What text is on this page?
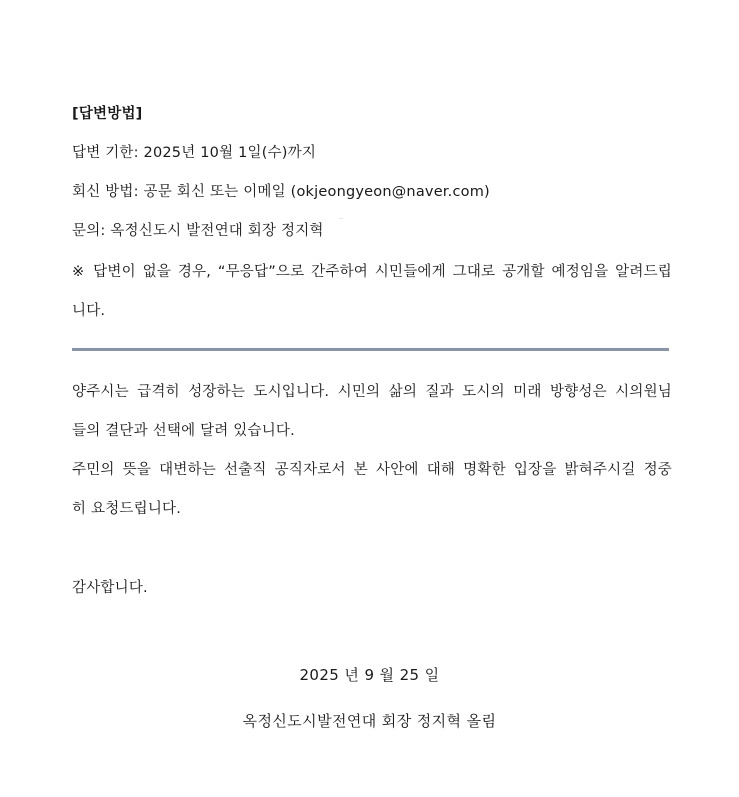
[답변방법]
답변 기한: 2025년 10월 1일(수)까지
회신 방법: 공문 회신 또는 이메일 (okjeongyeon@naver.com)
문의: 옥정신도시 발전연대 회장 정지혁
‥
※ 답변이 없을 경우, “무응답”으로 간주하여 시민들에게 그대로 공개할 예정임을 알려드립
니다.
양주시는 급격히 성장하는 도시입니다. 시민의 삶의 질과 도시의 미래 방향성은 시의원님
들의 결단과 선택에 달려 있습니다.
주민의 뜻을 대변하는 선출직 공직자로서 본 사안에 대해 명확한 입장을 밝혀주시길 정중
히 요청드립니다.
감사합니다.
2025 년 9 월 25 일
옥정신도시발전연대 회장 정지혁 올림
